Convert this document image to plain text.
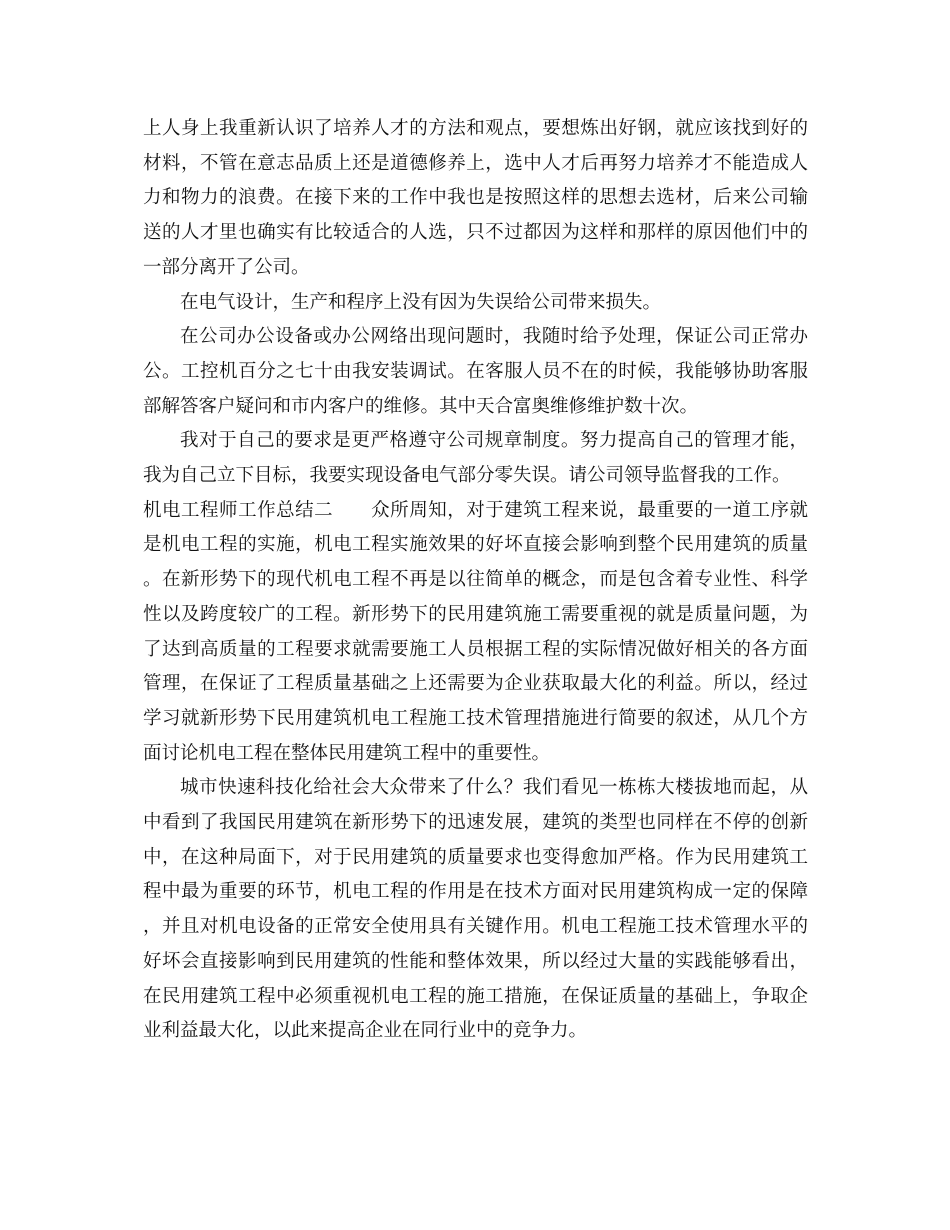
上人身上我重新认识了培养人才的方法和观点，要想炼出好钢，就应该找到好的材料，不管在意志品质上还是道德修养上，选中人才后再努力培养才不能造成人力和物力的浪费。在接下来的工作中我也是按照这样的思想去选材，后来公司输送的人才里也确实有比较适合的人选，只不过都因为这样和那样的原因他们中的一部分离开了公司。

在电气设计，生产和程序上没有因为失误给公司带来损失。

在公司办公设备或办公网络出现问题时，我随时给予处理，保证公司正常办公。工控机百分之七十由我安装调试。在客服人员不在的时候，我能够协助客服部解答客户疑问和市内客户的维修。其中天合富奥维修维护数十次。

我对于自己的要求是更严格遵守公司规章制度。努力提高自己的管理才能，我为自己立下目标，我要实现设备电气部分零失误。请公司领导监督我的工作。

机电工程师工作总结二　　众所周知，对于建筑工程来说，最重要的一道工序就是机电工程的实施，机电工程实施效果的好坏直接会影响到整个民用建筑的质量。在新形势下的现代机电工程不再是以往简单的概念，而是包含着专业性、科学性以及跨度较广的工程。新形势下的民用建筑施工需要重视的就是质量问题，为了达到高质量的工程要求就需要施工人员根据工程的实际情况做好相关的各方面管理，在保证了工程质量基础之上还需要为企业获取最大化的利益。所以，经过学习就新形势下民用建筑机电工程施工技术管理措施进行简要的叙述，从几个方面讨论机电工程在整体民用建筑工程中的重要性。

城市快速科技化给社会大众带来了什么？我们看见一栋栋大楼拔地而起，从中看到了我国民用建筑在新形势下的迅速发展，建筑的类型也同样在不停的创新中，在这种局面下，对于民用建筑的质量要求也变得愈加严格。作为民用建筑工程中最为重要的环节，机电工程的作用是在技术方面对民用建筑构成一定的保障，并且对机电设备的正常安全使用具有关键作用。机电工程施工技术管理水平的好坏会直接影响到民用建筑的性能和整体效果，所以经过大量的实践能够看出，在民用建筑工程中必须重视机电工程的施工措施，在保证质量的基础上，争取企业利益最大化，以此来提高企业在同行业中的竞争力。
